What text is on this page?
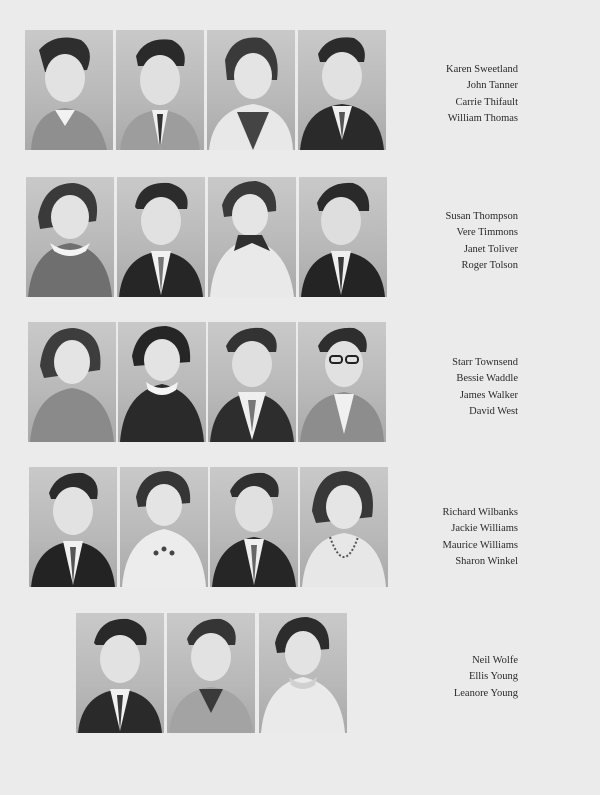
Karen Sweetland
John Tanner
Carrie Thifault
William Thomas
Susan Thompson
Vere Timmons
Janet Toliver
Roger Tolson
Starr Townsend
Bessie Waddle
James Walker
David West
Richard Wilbanks
Jackie Williams
Maurice Williams
Sharon Winkel
Neil Wolfe
Ellis Young
Leanore Young
